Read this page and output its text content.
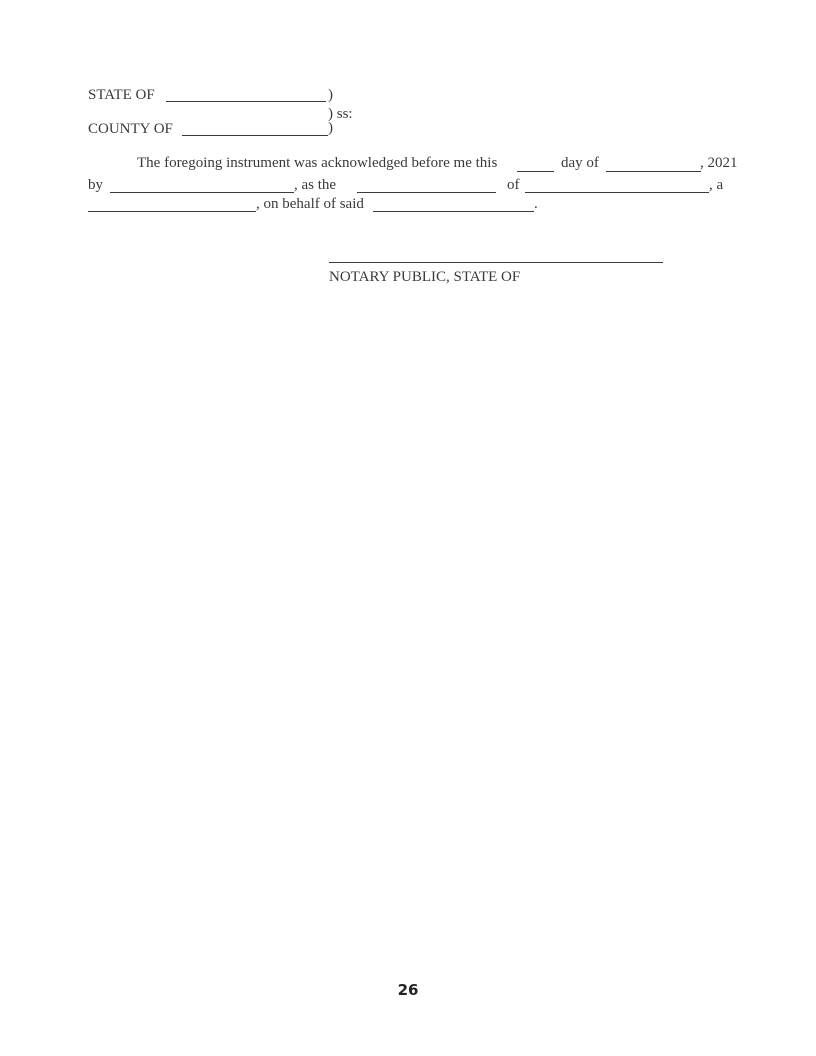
STATE OF	)
) ss:
COUNTY OF	)
The foregoing instrument was acknowledged before me this	day of	, 2021
by	, as the	of	, a
, on behalf of said	.
NOTARY PUBLIC, STATE OF
26
